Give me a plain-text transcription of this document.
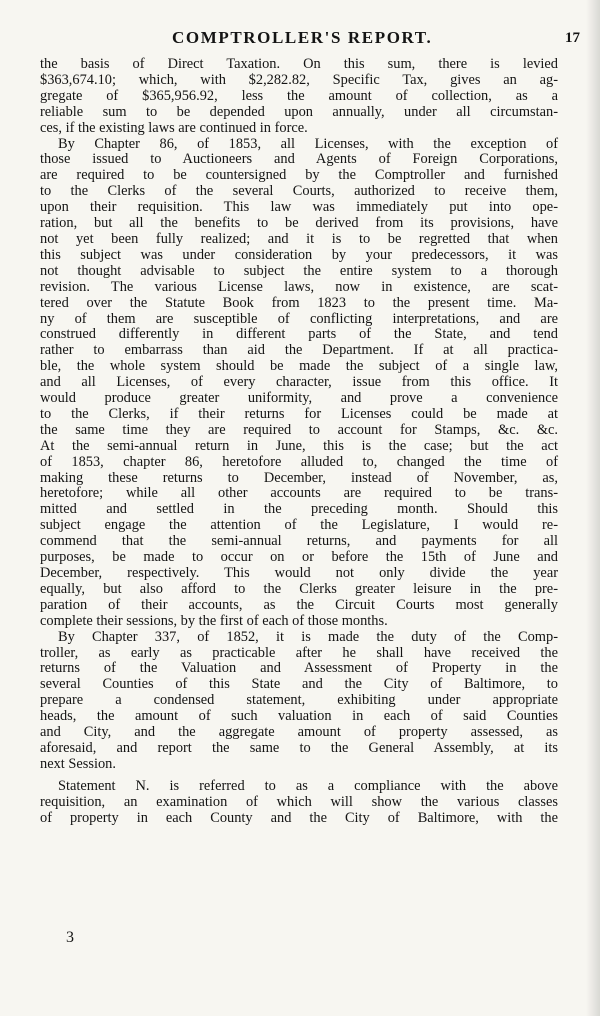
COMPTROLLER'S REPORT.	17
the basis of Direct Taxation. On this sum, there is levied
$363,674.10; which, with $2,282.82, Specific Tax, gives an ag-
gregate of $365,956.92, less the amount of collection, as a
reliable sum to be depended upon annually, under all circumstan-
ces, if the existing laws are continued in force.
By Chapter 86, of 1853, all Licenses, with the exception of
those issued to Auctioneers and Agents of Foreign Corporations,
are required to be countersigned by the Comptroller and furnished
to the Clerks of the several Courts, authorized to receive them,
upon their requisition. This law was immediately put into ope-
ration, but all the benefits to be derived from its provisions, have
not yet been fully realized; and it is to be regretted that when
this subject was under consideration by your predecessors, it was
not thought advisable to subject the entire system to a thorough
revision. The various License laws, now in existence, are scat-
tered over the Statute Book from 1823 to the present time. Ma-
ny of them are susceptible of conflicting interpretations, and are
construed differently in different parts of the State, and tend
rather to embarrass than aid the Department. If at all practica-
ble, the whole system should be made the subject of a single law,
and all Licenses, of every character, issue from this office. It
would produce greater uniformity, and prove a convenience
to the Clerks, if their returns for Licenses could be made at
the same time they are required to account for Stamps, &c. &c.
At the semi-annual return in June, this is the case; but the act
of 1853, chapter 86, heretofore alluded to, changed the time of
making these returns to December, instead of November, as,
heretofore; while all other accounts are required to be trans-
mitted and settled in the preceding month. Should this
subject engage the attention of the Legislature, I would re-
commend that the semi-annual returns, and payments for all
purposes, be made to occur on or before the 15th of June and
December, respectively. This would not only divide the year
equally, but also afford to the Clerks greater leisure in the pre-
paration of their accounts, as the Circuit Courts most generally
complete their sessions, by the first of each of those months.
By Chapter 337, of 1852, it is made the duty of the Comp-
troller, as early as practicable after he shall have received the
returns of the Valuation and Assessment of Property in the
several Counties of this State and the City of Baltimore, to
prepare a condensed statement, exhibiting under appropriate
heads, the amount of such valuation in each of said Counties
and City, and the aggregate amount of property assessed, as
aforesaid, and report the same to the General Assembly, at its
next Session.
Statement N. is referred to as a compliance with the above
requisition, an examination of which will show the various classes
of property in each County and the City of Baltimore, with the
3
